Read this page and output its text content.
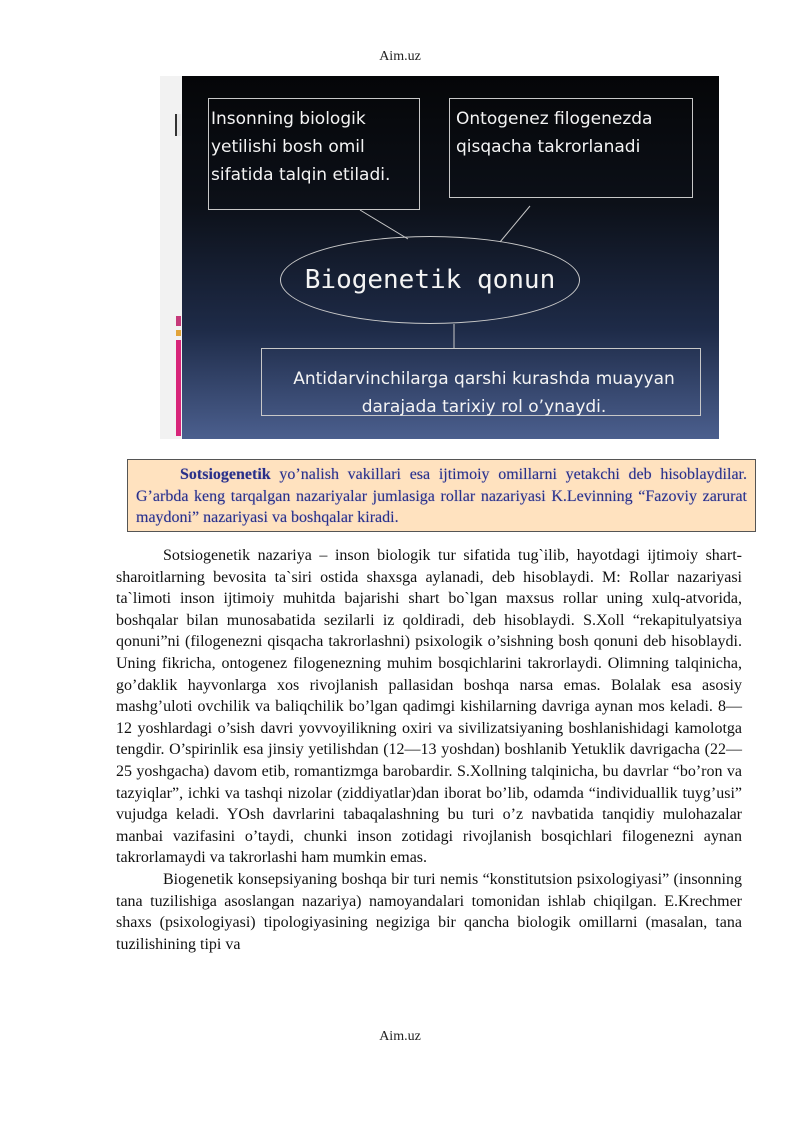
Aim.uz
Insonning biologik yetilishi bosh omil sifatida talqin etiladi.
Ontogenez filogenezda qisqacha takrorlanadi
Biogenetik qonun
Antidarvinchilarga qarshi kurashda muayyan darajada tarixiy rol o’ynaydi.
Sotsiogenetik yo’nalish vakillari esa ijtimoiy omillarni yetakchi deb hisoblaydilar. G’arbda keng tarqalgan nazariyalar jumlasiga rollar nazariyasi K.Levinning “Fazoviy zarurat maydoni” nazariyasi va boshqalar kiradi.

Sotsiogenetik nazariya – inson biologik tur sifatida tug`ilib, hayotdagi ijtimoiy shart-sharoitlarning bevosita ta`siri ostida shaxsga aylanadi, deb hisoblaydi. M: Rollar nazariyasi ta`limoti inson ijtimoiy muhitda bajarishi shart bo`lgan maxsus rollar uning xulq-atvorida, boshqalar bilan munosabatida sezilarli iz qoldiradi, deb hisoblaydi. S.Xoll “rekapitulyatsiya qonuni”ni (filogenezni qisqacha takrorlashni) psixologik o’sishning bosh qonuni deb hisoblaydi. Uning fikricha, ontogenez filogenezning muhim bosqichlarini takrorlaydi. Olimning talqinicha, go’daklik hayvonlarga xos rivojlanish pallasidan boshqa narsa emas. Bolalak esa asosiy mashg’uloti ovchilik va baliqchilik bo’lgan qadimgi kishilarning davriga aynan mos keladi. 8—12 yoshlardagi o’sish davri yovvoyilikning oxiri va sivilizatsiyaning boshlanishidagi kamolotga tengdir. O’spirinlik esa jinsiy yetilishdan (12—13 yoshdan) boshlanib Yetuklik davrigacha (22—25 yoshgacha) davom etib, romantizmga barobardir. S.Xollning talqinicha, bu davrlar “bo’ron va tazyiqlar”, ichki va tashqi nizolar (ziddiyatlar)dan iborat bo’lib, odamda “individuallik tuyg’usi” vujudga keladi. YOsh davrlarini tabaqalashning bu turi o’z navbatida tanqidiy mulohazalar manbai vazifasini o’taydi, chunki inson zotidagi rivojlanish bosqichlari filogenezni aynan takrorlamaydi va takrorlashi ham mumkin emas.

Biogenetik konsepsiyaning boshqa bir turi nemis “konstitutsion psixologiyasi” (insonning tana tuzilishiga asoslangan nazariya) namoyandalari tomonidan ishlab chiqilgan. E.Krechmer shaxs (psixologiyasi) tipologiyasining negiziga bir qancha biologik omillarni (masalan, tana tuzilishining tipi va

Aim.uz
